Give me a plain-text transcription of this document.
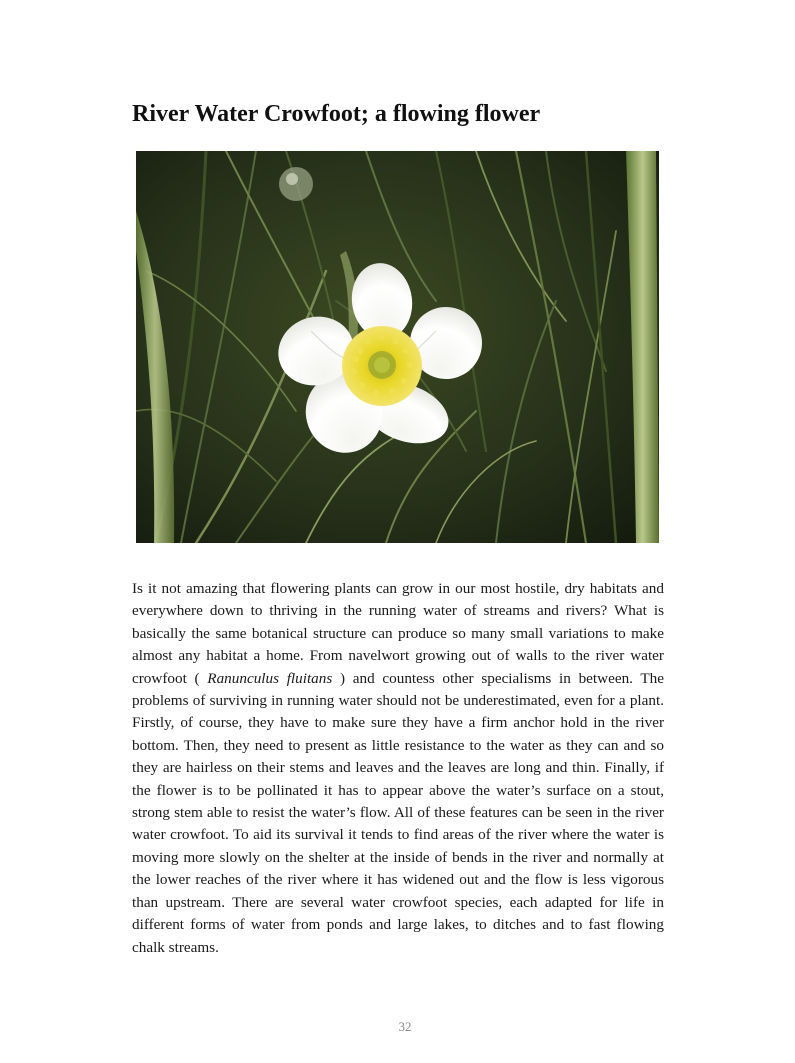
River Water Crowfoot; a flowing flower

Is it not amazing that flowering plants can grow in our most hostile, dry habitats and everywhere down to thriving in the running water of streams and rivers? What is basically the same botanical structure can produce so many small variations to make almost any habitat a home. From navelwort growing out of walls to the river water crowfoot ( Ranunculus fluitans ) and countess other specialisms in between. The problems of surviving in running water should not be underestimated, even for a plant. Firstly, of course, they have to make sure they have a firm anchor hold in the river bottom. Then, they need to present as little resistance to the water as they can and so they are hairless on their stems and leaves and the leaves are long and thin. Finally, if the flower is to be pollinated it has to appear above the water’s surface on a stout, strong stem able to resist the water’s flow. All of these features can be seen in the river water crowfoot. To aid its survival it tends to find areas of the river where the water is moving more slowly on the shelter at the inside of bends in the river and normally at the lower reaches of the river where it has widened out and the flow is less vigorous than upstream. There are several water crowfoot species, each adapted for life in different forms of water from ponds and large lakes, to ditches and to fast flowing chalk streams.

32
